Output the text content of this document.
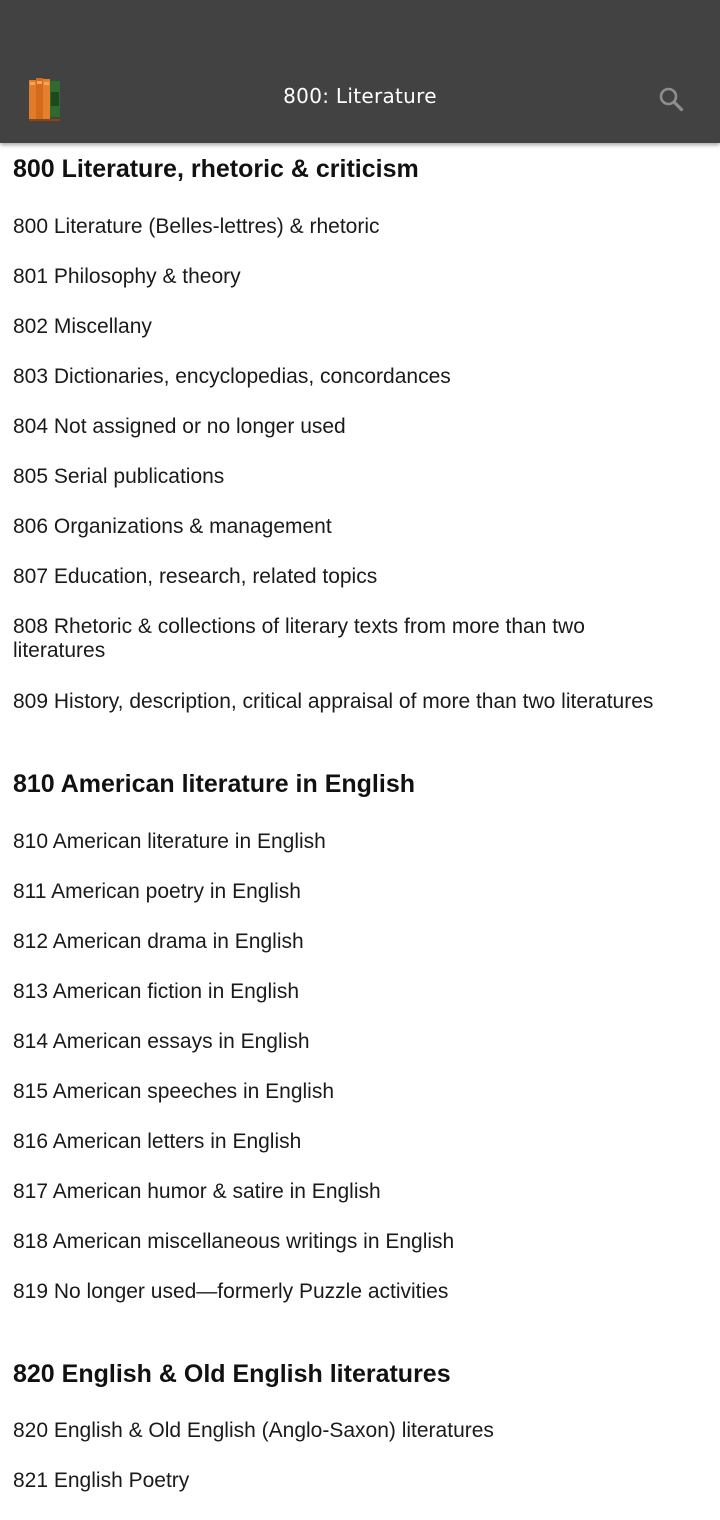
800: Literature
800 Literature, rhetoric & criticism
800 Literature (Belles-lettres) & rhetoric
801 Philosophy & theory
802 Miscellany
803 Dictionaries, encyclopedias, concordances
804 Not assigned or no longer used
805 Serial publications
806 Organizations & management
807 Education, research, related topics
808 Rhetoric & collections of literary texts from more than two literatures
809 History, description, critical appraisal of more than two literatures
810 American literature in English
810 American literature in English
811 American poetry in English
812 American drama in English
813 American fiction in English
814 American essays in English
815 American speeches in English
816 American letters in English
817 American humor & satire in English
818 American miscellaneous writings in English
819 No longer used—formerly Puzzle activities
820 English & Old English literatures
820 English & Old English (Anglo-Saxon) literatures
821 English Poetry
